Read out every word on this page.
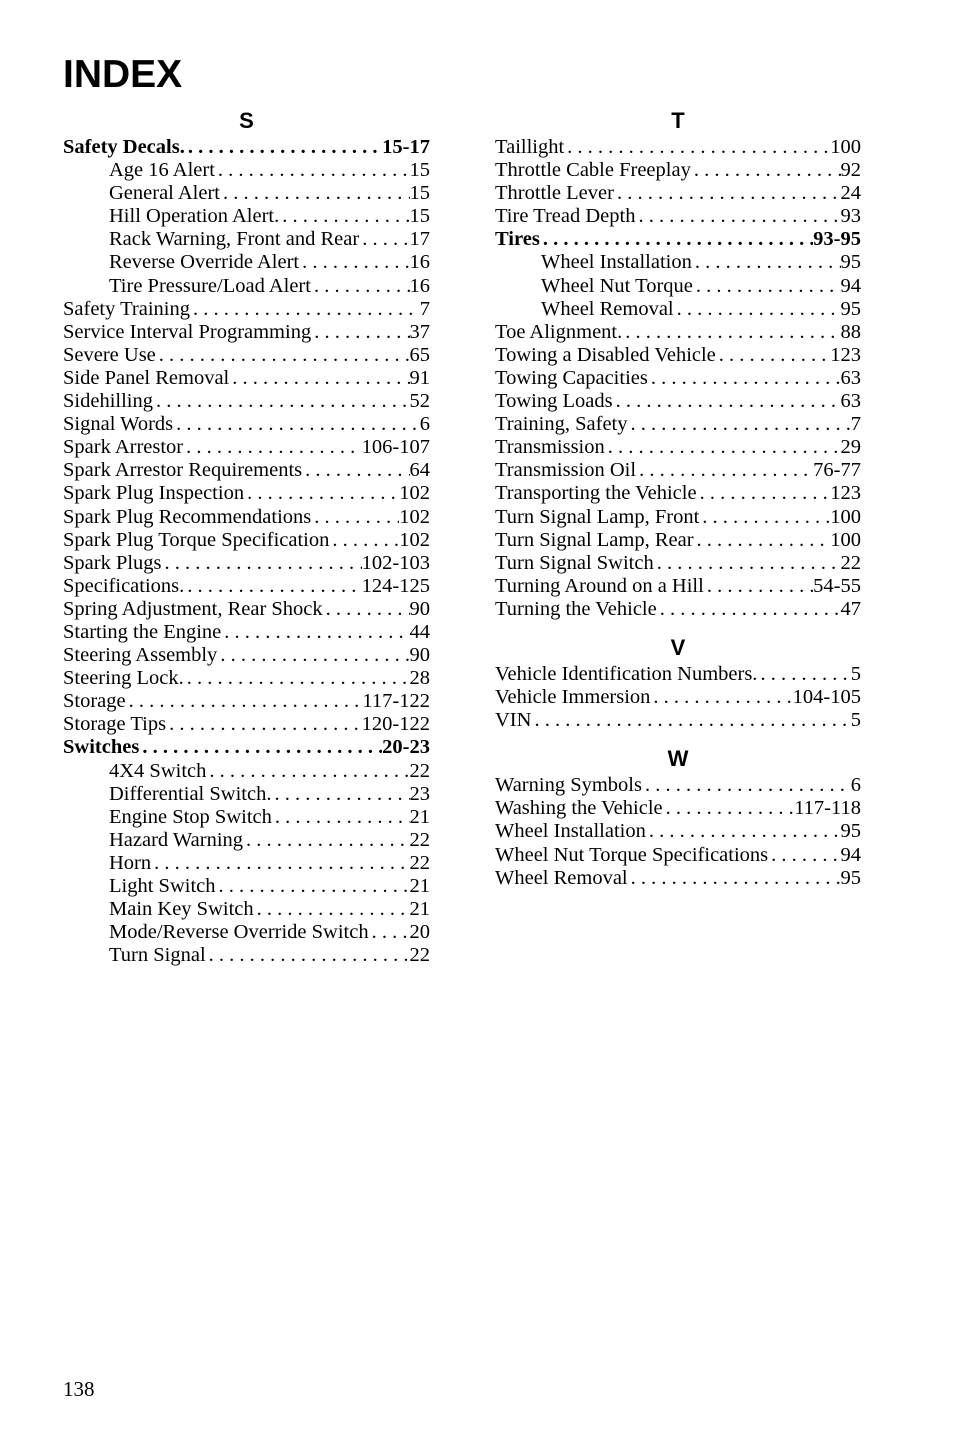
INDEX
S
Safety Decals. . . .	15-17
Age 16 Alert . . .	15
General Alert . . .	15
Hill Operation Alert. . . .	15
Rack Warning, Front and Rear . . . 17
Reverse Override Alert . . .	16
Tire Pressure/Load Alert . . .	16
Safety Training . . .	7
Service Interval Programming . . .	37
Severe Use . . .	65
Side Panel Removal . . .	91
Sidehilling . . .	52
Signal Words . . .	6
Spark Arrestor . . .	106-107
Spark Arrestor Requirements . . .	64
Spark Plug Inspection . . .	102
Spark Plug Recommendations . . .	102
Spark Plug Torque Specification . . .	102
Spark Plugs . . .	102-103
Specifications. . . .	124-125
Spring Adjustment, Rear Shock . . .	90
Starting the Engine . . .	44
Steering Assembly . . .	90
Steering Lock. . . .	28
Storage . . .	117-122
Storage Tips . . .	120-122
Switches . . .	20-23
4X4 Switch . . .	22
Differential Switch. . . .	23
Engine Stop Switch . . .	21
Hazard Warning . . .	22
Horn . . .	22
Light Switch . . .	21
Main Key Switch . . .	21
Mode/Reverse Override Switch . . . 20
Turn Signal . . .	22
T
Taillight . . .	100
Throttle Cable Freeplay . . .	92
Throttle Lever . . .	24
Tire Tread Depth . . .	93
Tires . . .	93-95
Wheel Installation . . .	95
Wheel Nut Torque . . .	94
Wheel Removal . . .	95
Toe Alignment. . . .	88
Towing a Disabled Vehicle . . .	123
Towing Capacities . . .	63
Towing Loads . . .	63
Training, Safety . . .	7
Transmission . . .	29
Transmission Oil . . .	76-77
Transporting the Vehicle . . .	123
Turn Signal Lamp, Front . . .	100
Turn Signal Lamp, Rear . . .	100
Turn Signal Switch . . .	22
Turning Around on a Hill . . .	54-55
Turning the Vehicle . . .	47
V
Vehicle Identification Numbers. . . .	5
Vehicle Immersion . . .	104-105
VIN . . .	5
W
Warning Symbols . . .	6
Washing the Vehicle . . .	117-118
Wheel Installation . . .	95
Wheel Nut Torque Specifications . . .	94
Wheel Removal . . .	95
138
